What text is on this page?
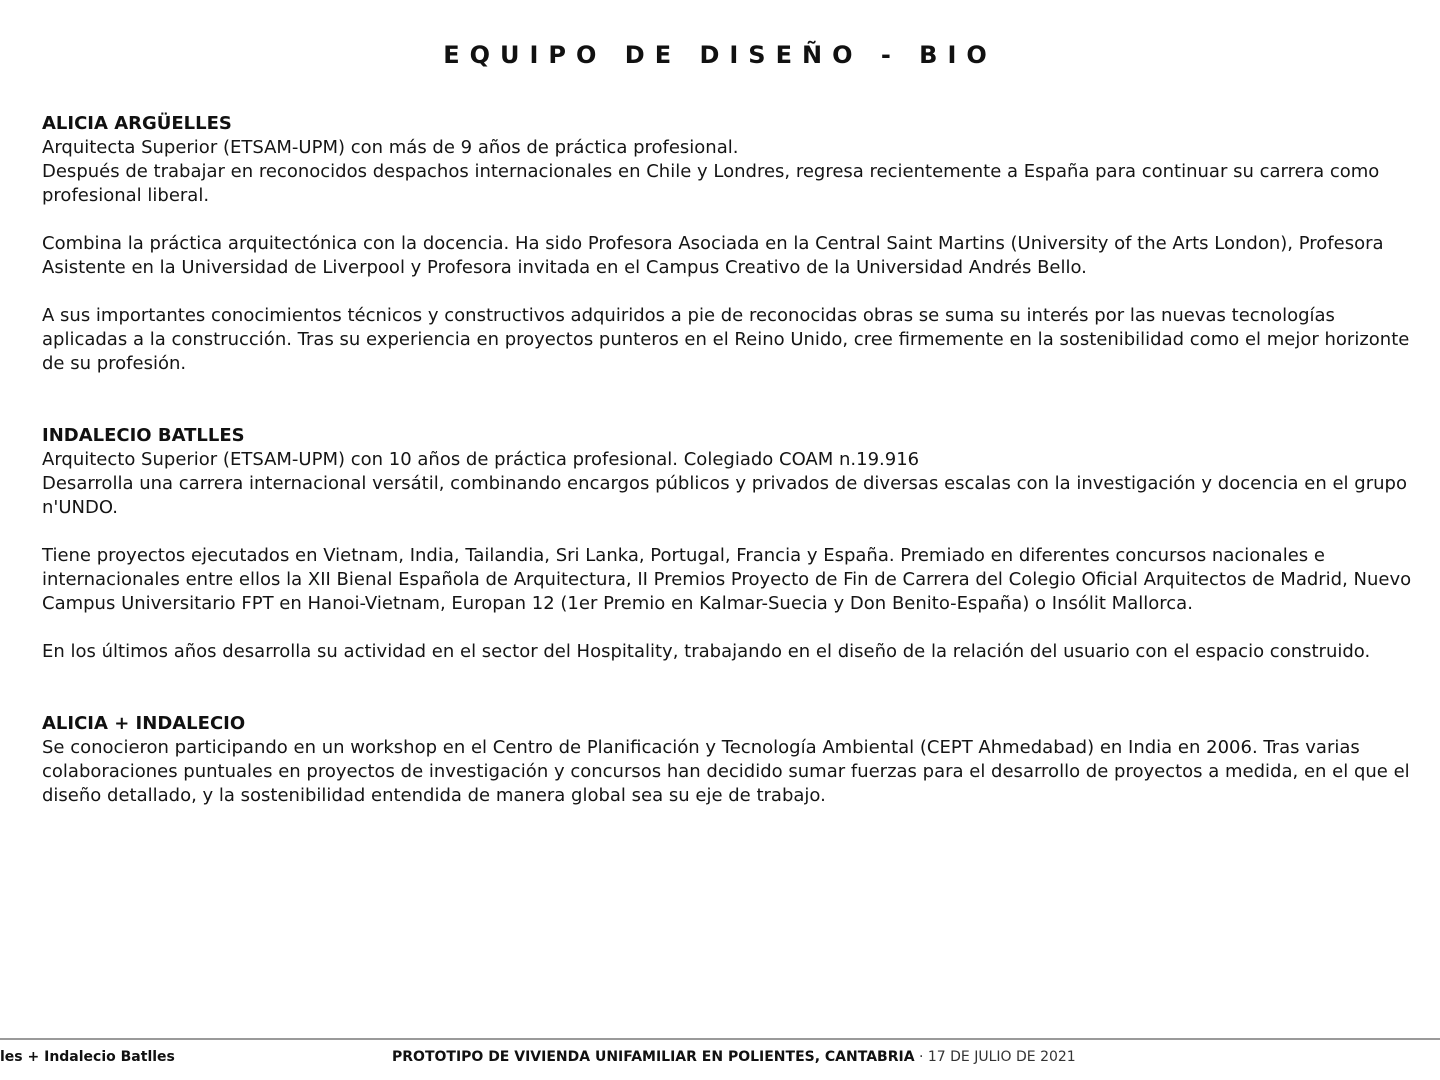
EQUIPO DE DISEÑO - BIO
ALICIA ARGÜELLES

Arquitecta Superior (ETSAM-UPM) con más de 9 años de práctica profesional.

Después de trabajar en reconocidos despachos internacionales en Chile y Londres, regresa recientemente a España para continuar su carrera como profesional liberal.

Combina la práctica arquitectónica con la docencia. Ha sido Profesora Asociada en la Central Saint Martins (University of the Arts London), Profesora Asistente en la Universidad de Liverpool y Profesora invitada en el Campus Creativo de la Universidad Andrés Bello.

A sus importantes conocimientos técnicos y constructivos adquiridos a pie de reconocidas obras se suma su interés por las nuevas tecnologías aplicadas a la construcción. Tras su experiencia en proyectos punteros en el Reino Unido, cree firmemente en la sostenibilidad como el mejor horizonte de su profesión.

INDALECIO BATLLES

Arquitecto Superior (ETSAM-UPM) con 10 años de práctica profesional. Colegiado COAM n.19.916

Desarrolla una carrera internacional versátil, combinando encargos públicos y privados de diversas escalas con la investigación y docencia en el grupo n'UNDO.

Tiene proyectos ejecutados en Vietnam, India, Tailandia, Sri Lanka, Portugal, Francia y España. Premiado en diferentes concursos nacionales e internacionales entre ellos la XII Bienal Española de Arquitectura, II Premios Proyecto de Fin de Carrera del Colegio Oficial Arquitectos de Madrid, Nuevo Campus Universitario FPT en Hanoi-Vietnam, Europan 12 (1er Premio en Kalmar-Suecia y Don Benito-España) o Insólit Mallorca.

En los últimos años desarrolla su actividad en el sector del Hospitality, trabajando en el diseño de la relación del usuario con el espacio construido.

ALICIA + INDALECIO

Se conocieron participando en un workshop en el Centro de Planificación y Tecnología Ambiental (CEPT Ahmedabad) en India en 2006. Tras varias colaboraciones puntuales en proyectos de investigación y concursos han decidido sumar fuerzas para el desarrollo de proyectos a medida, en el que el diseño detallado, y la sostenibilidad entendida de manera global sea su eje de trabajo.

les + Indalecio Batlles	PROTOTIPO DE VIVIENDA UNIFAMILIAR EN POLIENTES, CANTABRIA · 17 DE JULIO DE 2021
